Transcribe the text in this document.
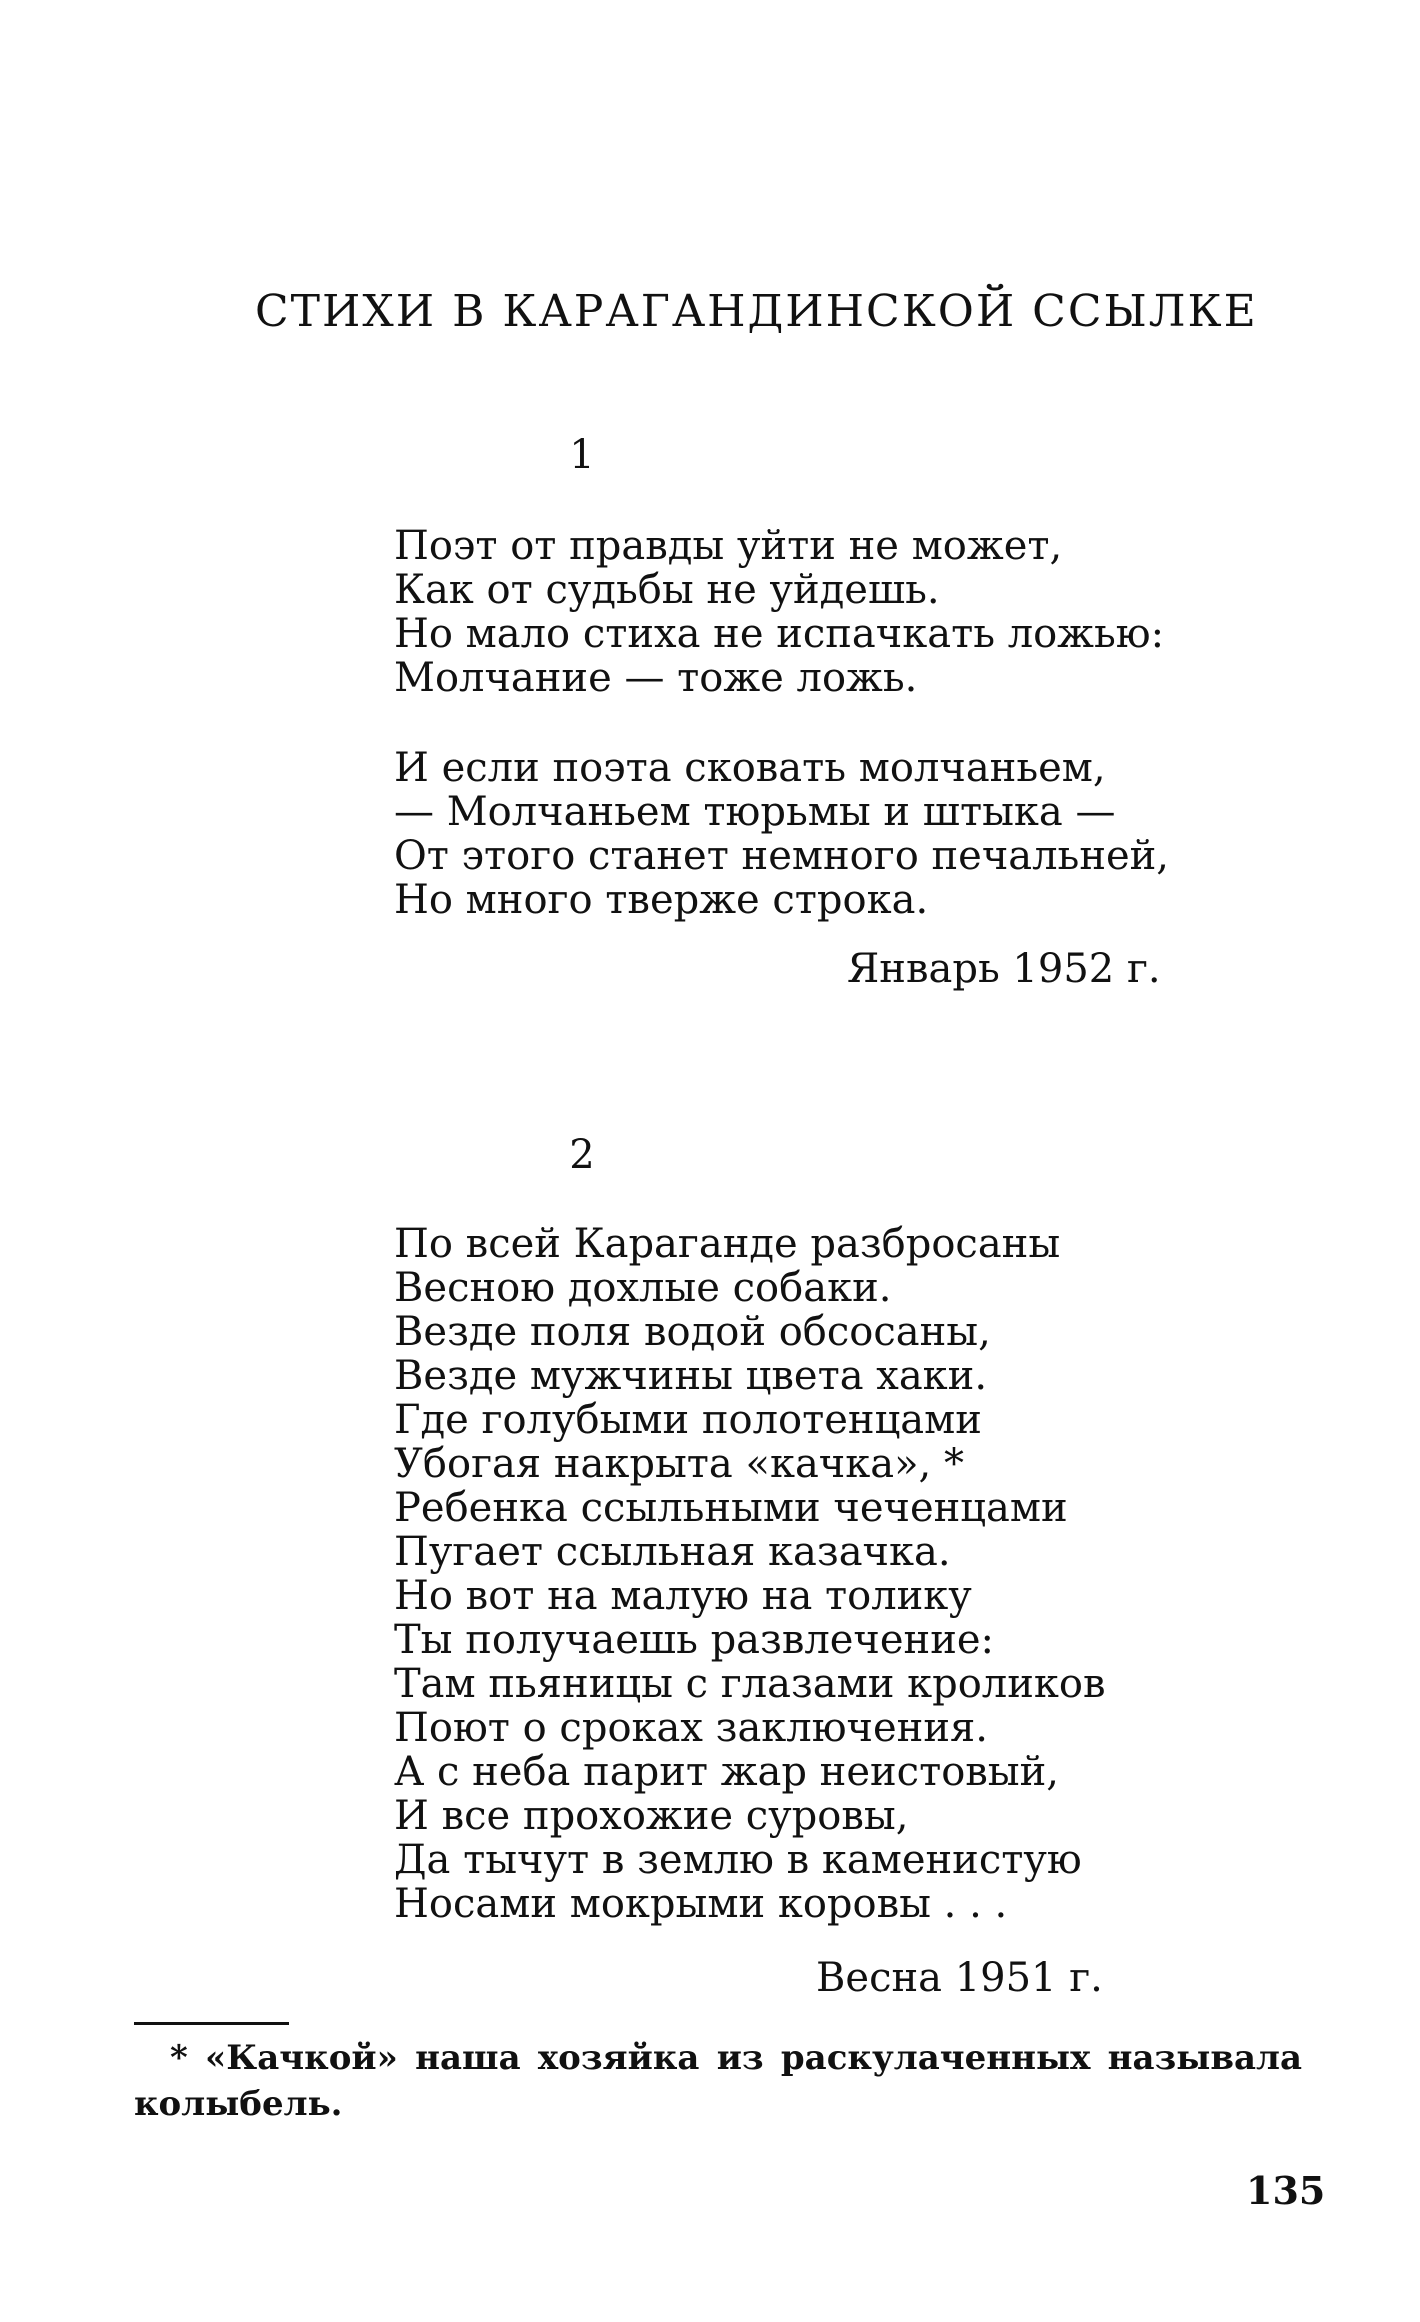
СТИХИ В КАРАГАНДИНСКОЙ ССЫЛКЕ
1
Поэт от правды уйти не может,
Как от судьбы не уйдешь.
Но мало стиха не испачкать ложью:
Молчание — тоже ложь.
И если поэта сковать молчаньем,
— Молчаньем тюрьмы и штыка —
От этого станет немного печальней,
Но много тверже строка.
Январь 1952 г.
2
По всей Караганде разбросаны
Весною дохлые собаки.
Везде поля водой обсосаны,
Везде мужчины цвета хаки.
Где голубыми полотенцами
Убогая накрыта «качка», *
Ребенка ссыльными чеченцами
Пугает ссыльная казачка.
Но вот на малую на толику
Ты получаешь развлечение:
Там пьяницы с глазами кроликов
Поют о сроках заключения.
А с неба парит жар неистовый,
И все прохожие суровы,
Да тычут в землю в каменистую
Носами мокрыми коровы . . .
Весна 1951 г.
* «Качкой» наша хозяйка из раскулаченных называла колыбель.
135
